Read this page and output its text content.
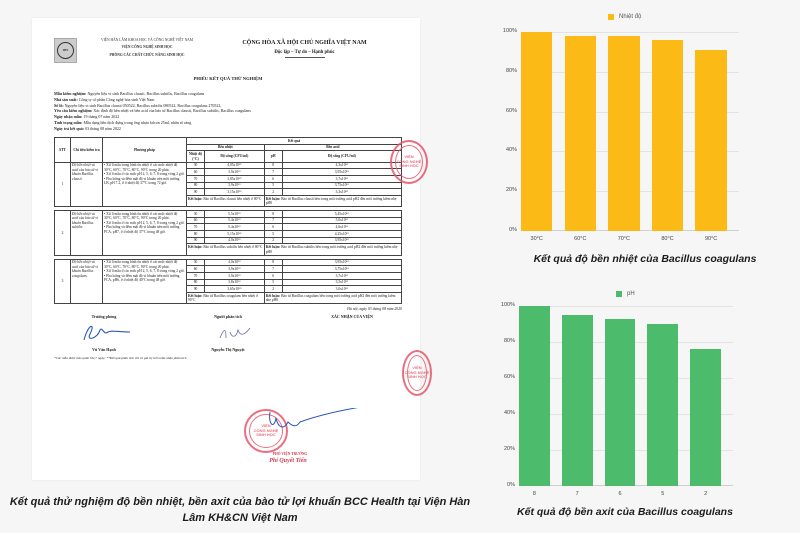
IBT
VIỆN HÀN LÂM KHOA HỌC VÀ CÔNG NGHỆ VIỆT NAM
VIỆN CÔNG NGHỆ SINH HỌC
PHÒNG CÁC CHẤT CHỨC NĂNG SINH HỌC
CỘNG HÒA XÃ HỘI CHỦ NGHĨA VIỆT NAM
Độc lập – Tự do – Hạnh phúc
PHIẾU KẾT QUẢ THỬ NGHIỆM
Mẫu kiểm nghiệm: Nguyên liệu vi sinh Bacillus clausii, Bacillus subtilis, Bacillus coagulans
Nhà sản xuất: Công ty cổ phần Công nghệ hóa sinh Việt Nam
Số lô: Nguyên liệu vi sinh Bacillus clausii 050522, Bacillus subtilis 080522, Bacillus coagulans 270522,
Yêu cầu kiểm nghiệm: Xác định độ bền nhiệt và bền acid của bào tử Bacillus clausii, Bacillus subtilis, Bacillus coagulans
Ngày nhận mẫu: 19 tháng 07 năm 2022
Tình trạng mẫu: Mẫu dạng bền dịch đựng trong ống nhựa falcon 25ml, nhãn rõ ràng
Ngày trả kết quả: 03 tháng 08 năm 2022
STT	Chỉ tiêu kiểm tra	Phương pháp	Kết quả			
			Bền nhiệt		Bền acid	
			Nhiệt độ (°C)	Độ sống (CFU/ml)	pH	Độ sống (CFU/ml)
1	Độ bền nhiệt và acid của bào tử vi khuẩn Bacillus clausii	• Xử lí mẫu trong bình ổn nhiệt ở các mức nhiệt độ 30°C, 60°C, 70°C, 80°C, 90°C trong 20 phút.
• Xử lí mẫu ở các mức pH 2, 5, 6, 7, 8 trong vòng 2 giờ.
• Pha loãng và đếm mật độ vi khuẩn trên môi trường LB, pH 7.2, ở ở nhiệt độ 37°C trong 72 giờ.	30	4,05x10¹⁰	8	4,3x10¹⁰
			60	3,9x10¹⁰	7	3,95x10¹⁰
			70	3,85x10¹⁰	6	3,7x10¹⁰
			80	3,9x10¹⁰	5	3,75x10¹⁰
			90	3,15x10¹⁰	2	3,3x10¹⁰
			Kết luận: Bào tử Bacillus clausii bền nhiệt ở 80°C		Kết luận: Bào tử Bacillus clausii bền trong môi trường acid pH2 đến môi trường kiềm nhẹ pH8	

2	Độ bền nhiệt và acid của bào tử vi khuẩn Bacillus subtilis	• Xử lí mẫu trong bình ổn nhiệt ở các mức nhiệt độ 30°C, 60°C, 70°C, 80°C, 90°C trong 20 phút.
• Xử lí mẫu ở các mức pH 2, 5, 6, 7, 8 trong vòng 2 giờ.
• Pha loãng và đếm mật độ vi khuẩn trên môi trường PCA, pH7, ở ở nhiệt độ 37°C trong 48 giờ.	30	5,5x10¹⁰	8	5,45x10¹⁰
			60	5,4x10¹⁰	7	5,0x10¹⁰
			70	5,4x10¹⁰	6	4,6x10¹⁰
			80	5,15x10¹⁰	5	4,25x10¹⁰
			90	4,0x10¹⁰	2	3,95x10¹⁰
			Kết luận: Bào tử Bacillus subtilis bền nhiệt ở 80°C		Kết luận: Bào tử Bacillus subtilis bền trong môi trường acid pH2 đến môi trường kiềm nhẹ pH8	

3	Độ bền nhiệt và acid của bào tử vi khuẩn Bacillus coagulans	• Xử lí mẫu trong bình ổn nhiệt ở các mức nhiệt độ 30°C, 60°C, 70°C, 80°C, 90°C trong 20 phút.
• Xử lí mẫu ở các mức pH 2, 5, 6, 7, 8 trong vòng 2 giờ.
• Pha loãng và đếm mật độ vi khuẩn trên môi trường PCA, pH6, ở ở nhiệt độ 40°C trong 48 giờ.	30	4,0x10¹⁰	8	3,95x10¹⁰
			60	3,9x10¹⁰	7	3,75x10¹⁰
			70	3,9x10¹⁰	6	3,7x10¹⁰
			80	3,8x10¹⁰	5	3,5x10¹⁰
			90	3,65x10¹⁰	2	3,0x10¹⁰
			Kết luận: Bào tử Bacillus coagulans bền nhiệt ở 90°C		Kết luận: Bào tử Bacillus coagulans bền trong môi trường acid pH2 đến môi trường kiềm nhẹ pH8	
Hà nội, ngày 03 tháng 08 năm 2020
Trưởng phòng
Vũ Vân Hạnh
Người phân tích
Nguyễn Thị Nguyệt
XÁC NHẬN CỦA VIỆN
*Các mẫu được bảo quản lưu 7 ngày; **Kết quả phân tích chỉ có giá trị trên mẫu nhận phân tích
VIỆN
CÔNG NGHỆ
SINH HỌC
VIỆN
CÔNG NGHỆ
SINH HỌC
VIỆN
CÔNG NGHỆ
SINH HỌC
PHÓ VIỆN TRƯỞNG
Phí Quyết Tiến
Kết quả thử nghiệm độ bền nhiệt, bền axit của bào tử lợi khuẩn BCC Health tại Viện Hàn Lâm KH&CN Việt Nam
Nhiệt độ
0%
20%
40%
60%
80%
100%
30°C	60°C	70°C	80°C	90°C
Kết quả độ bền nhiệt của Bacillus coagulans
pH
0%
20%
40%
60%
80%
100%
8	7	6	5	2
Kết quả độ bền axit của Bacillus coagulans
